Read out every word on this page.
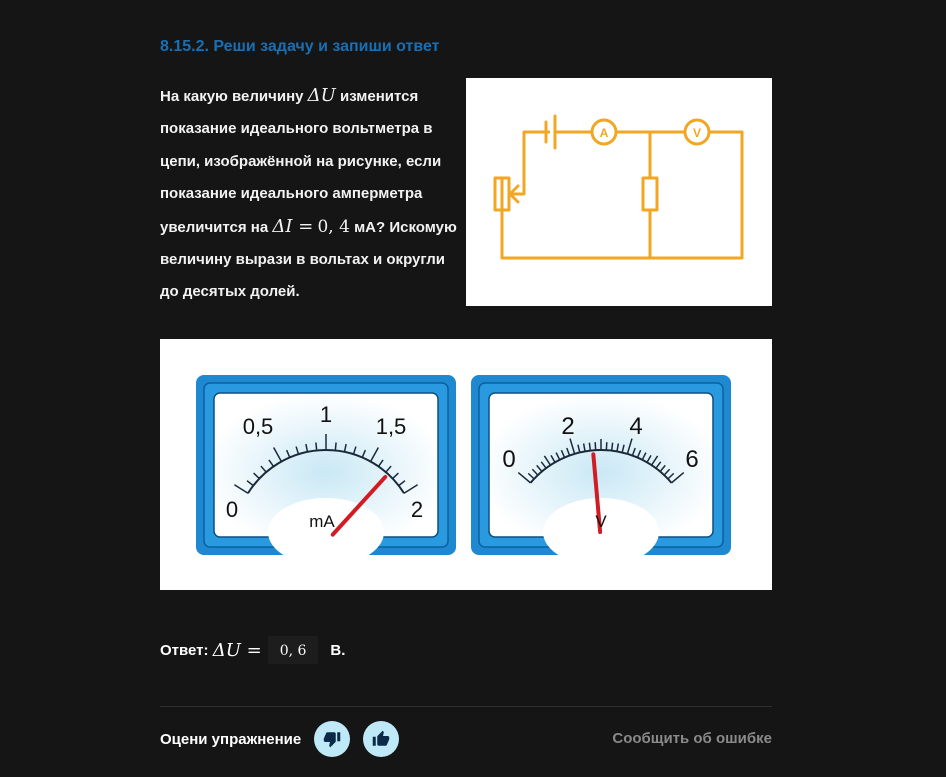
8.15.2. Реши задачу и запиши ответ
На какую величину ΔU изменится показание идеального вольтметра в цепи, изображённой на рисунке, если показание идеального амперметра увеличится на ΔI = 0, 4 мА? Искомую величину вырази в вольтах и округли до десятых долей.
A	V
0
0,5 1 1,5
2
mA
0
2 4
6
V
Ответ:
ΔU =	0, 6	В.
Оцени упражнение	Сообщить об ошибке
